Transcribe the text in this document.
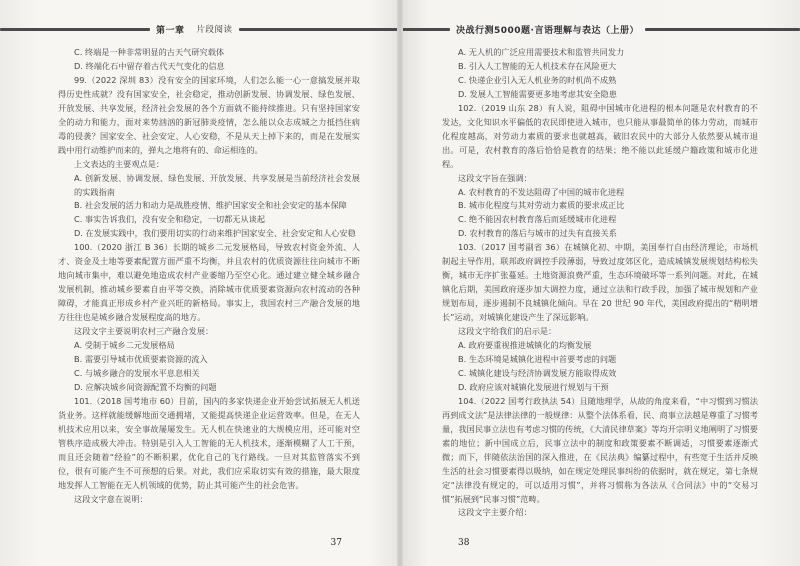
第一章	片段阅读

C. 终端是一种非常明显的古天气研究载体

D. 终端化石中留存着古代天气变化的信息

99.（2022 深圳 83）没有安全的国家环境，人们怎么能一心一意搞发展并取得历史性成就？没有国家安全，社会稳定，推动创新发展、协调发展、绿色发展、开放发展、共享发展，经济社会发展的各个方面就不能持续推进。只有坚持国家安全的动力和能力，面对来势汹汹的新冠肺炎疫情，怎么能以众志成城之力抵挡住病毒的侵袭？国家安全、社会安定、人心安稳，不是从天上掉下来的，而是在发展实践中用行动维护而来的，弹丸之地将有的、命运相连的。

上文表达的主要观点是：

A. 创新发展、协调发展、绿色发展、开放发展、共享发展是当前经济社会发展的实践指南

B. 社会发展的活力和动力是战胜疫情、维护国家安全和社会安定的基本保障

C. 事实告诉我们，没有安全和稳定，一切都无从谈起

D. 在发展实践中，我们要用切实的行动来维护国家安全、社会安定和人心安稳

100.（2020 浙江 B 36）长期的城乡二元发展格局，导致农村资金外流、人才、资金及土地等要素配置方面严重不均衡，并且农村的优质资源往往向城市不断地向城市集中，难以避免地造成农村产业萎缩乃至空心化。通过建立健全城乡融合发展机制，推动城乡要素自由平等交换，消除城市优质要素资源向农村流动的各种障碍，才能真正形成乡村产业兴旺的新格局。事实上，我国农村三产融合发展的地方往往也是城乡融合发展程度高的地方。

这段文字主要说明农村三产融合发展：

A. 受制于城乡二元发展格局

B. 需要引导城市优质要素资源的流入

C. 与城乡融合的发展水平息息相关

D. 应解决城乡间资源配置不均衡的问题

101.（2018 国考地市 60）目前，国内的多家快递企业开始尝试拓展无人机送货业务。这样就能缓解地面交通拥堵，又能提高快递企业运营效率。但是，在无人机技术应用以来，安全事故屡屡发生。无人机在快速业的大规模应用，还可能对空管秩序造成极大冲击。特别是引入人工智能的无人机技术，逐渐模糊了人工干预，而且还会随着“经验”的不断积累，优化自己的飞行路线。一旦对其监管落实不到位，很有可能产生不可预想的后果。对此，我们应采取切实有效的措施，最大限度地发挥人工智能在无人机领域的优势，防止其可能产生的社会危害。

这段文字意在说明：

37
决战行测5000题·言语理解与表达（上册）

A. 无人机的广泛应用需要技术和监管共同发力

B. 引入人工智能的无人机技术存在风险更大

C. 快递企业引入无人机业务的时机尚不成熟

D. 发展人工智能需要更多地考虑其安全隐患

102.（2019 山东 28）有人说，阻碍中国城市化进程的根本问题是农村教育的不发达，文化知识水平偏低的农民即使进入城市，也只能从事最简单的体力劳动，而城市化程度越高，对劳动力素质的要求也就越高，破旧农民中的大部分人依然要从城市退出。可是，农村教育的落后恰恰是教育的结果；绝不能以此延缓户籍政策和城市化进程。

这段文字旨在强调：

A. 农村教育的不发达阻碍了中国的城市化进程

B. 城市化程度与其对劳动力素质的要求成正比

C. 绝不能因农村教育落后而延缓城市化进程

D. 农村教育的落后与城市的过失有直接关系

103.（2017 国考副省 36）在城镇化初、中期，美国奉行自由经济理论，市场机制起主导作用，联邦政府调控手段薄弱，导致过度郊区化，造成城镇发展规划结构松失衡，城市无序扩张蔓延。土地资源浪费严重，生态环境破坏等一系列问题。对此，在城镇化后期，美国政府逐步加大调控力度，通过立法和行政手段，加强了城市规划和产业规划布局，逐步遏制不良城镇化倾向。早在 20 世纪 90 年代，美国政府提出的“精明增长”运动，对城镇化建设产生了深远影响。

这段文字给我们的启示是：

A. 政府要重视推进城镇化的均衡发展

B. 生态环境是城镇化进程中首要考虑的问题

C. 城镇化建设与经济协调发展方能取得成效

D. 政府应该对城镇化发展进行规划与干预

104.（2022 国考行政执法 54）且随地理学，从故的角度来看，“中习惯到习惯法再到成文法”是法律法律的一般规律：从整个法体系看，民、商事立法越是尊重了习惯考量，我国民事立法也有考虑习惯的传统，《大清民律草案》等均开宗明义地阐明了习惯要素的地位；新中国成立后，民事立法中的制度和政策要素不断调适，习惯要素逐渐式微；而下，伴随依法治国的深入推进，在《民法典》编纂过程中，有些宽于生活并反映生活的社会习惯要素得以吸纳，如在规定处理民事纠纷的依据时，就在规定，第七条规定“法律没有规定的，可以适用习惯”，并将习惯称为各法从《合同法》中的“交易习惯”拓展到“民事习惯”范畴。

这段文字主要介绍：

38
